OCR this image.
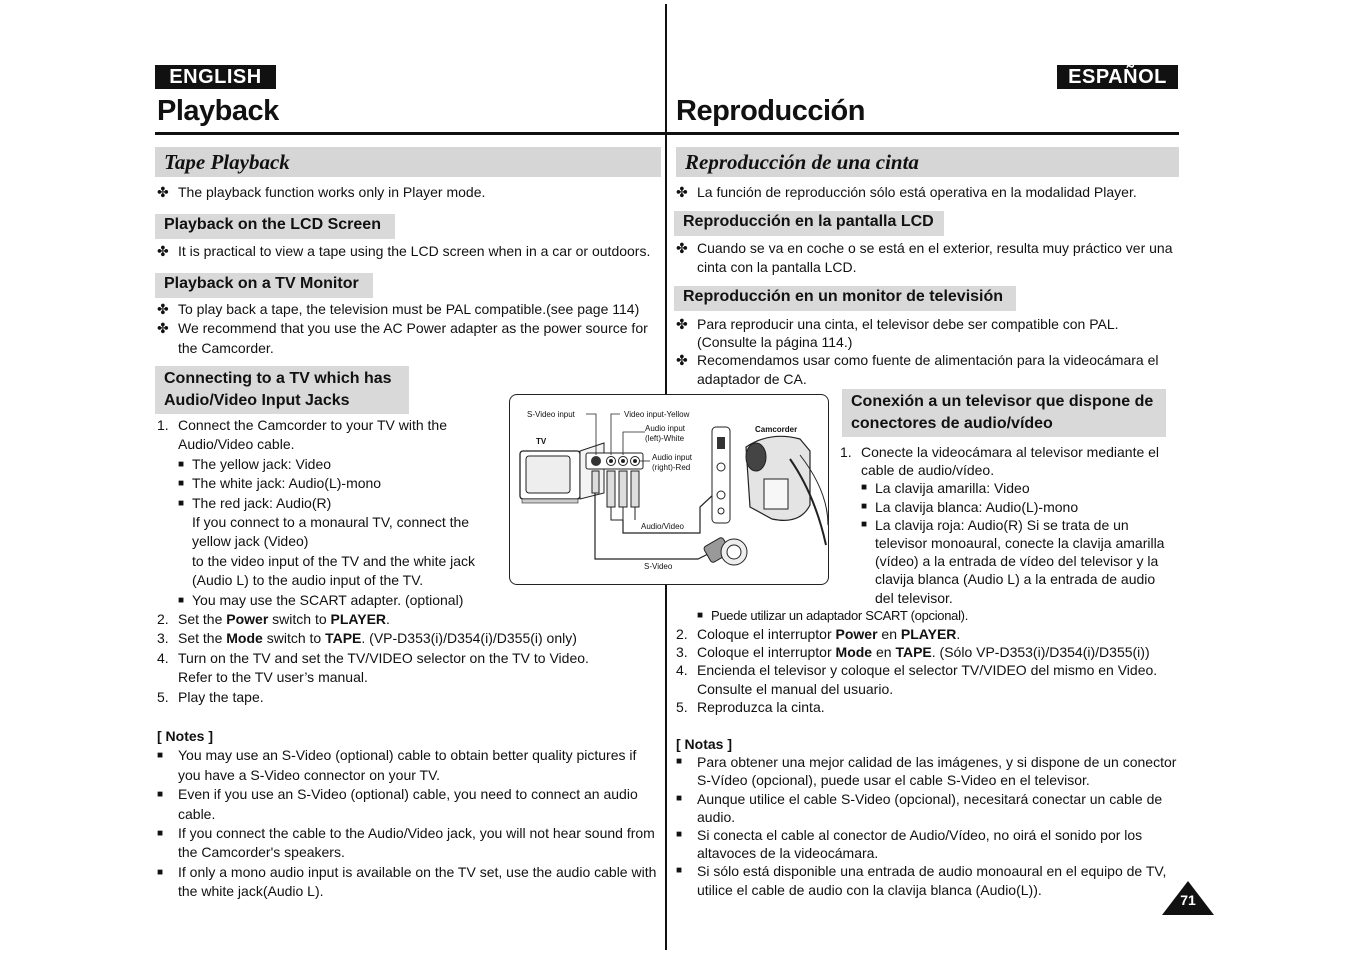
ENGLISH	ESPAÑOL
Playback	Reproducción
Tape Playback
✤ The playback function works only in Player mode.
Playback on the LCD Screen
✤ It is practical to view a tape using the LCD screen when in a car or outdoors.
Playback on a TV Monitor
✤ To play back a tape, the television must be PAL compatible.(see page 114)
✤ We recommend that you use the AC Power adapter as the power source for
the Camcorder.
Connecting to a TV which has
Audio/Video Input Jacks
1. Connect the Camcorder to your TV with the
Audio/Video cable.
■ The yellow jack: Video
■ The white jack: Audio(L)-mono
■ The red jack: Audio(R)
If you connect to a monaural TV, connect the
yellow jack (Video)
to the video input of the TV and the white jack
(Audio L) to the audio input of the TV.
■ You may use the SCART adapter. (optional)
2. Set the Power switch to PLAYER.
3. Set the Mode switch to TAPE. (VP-D353(i)/D354(i)/D355(i) only)
4. Turn on the TV and set the TV/VIDEO selector on the TV to Video.
Refer to the TV user’s manual.
5. Play the tape.
[ Notes ]
■ You may use an S-Video (optional) cable to obtain better quality pictures if
you have a S-Video connector on your TV.
■ Even if you use an S-Video (optional) cable, you need to connect an audio
cable.
■ If you connect the cable to the Audio/Video jack, you will not hear sound from
the Camcorder's speakers.
■ If only a mono audio input is available on the TV set, use the audio cable with
the white jack(Audio L).
Reproducción de una cinta
✤ La función de reproducción sólo está operativa en la modalidad Player.
Reproducción en la pantalla LCD
✤ Cuando se va en coche o se está en el exterior, resulta muy práctico ver una
cinta con la pantalla LCD.
Reproducción en un monitor de televisión
✤ Para reproducir una cinta, el televisor debe ser compatible con PAL.
(Consulte la página 114.)
✤ Recomendamos usar como fuente de alimentación para la videocámara el
adaptador de CA.
Conexión a un televisor que dispone de
conectores de audio/vídeo
1. Conecte la videocámara al televisor mediante el
cable de audio/vídeo.
■ La clavija amarilla: Video
■ La clavija blanca: Audio(L)-mono
■ La clavija roja: Audio(R) Si se trata de un
televisor monoaural, conecte la clavija amarilla
(vídeo) a la entrada de vídeo del televisor y la
clavija blanca (Audio L) a la entrada de audio
del televisor.
■ Puede utilizar un adaptador SCART (opcional).
2. Coloque el interruptor Power en PLAYER.
3. Coloque el interruptor Mode en TAPE. (Sólo VP-D353(i)/D354(i)/D355(i))
4. Encienda el televisor y coloque el selector TV/VIDEO del mismo en Video.
Consulte el manual del usuario.
5. Reproduzca la cinta.
[ Notas ]
■ Para obtener una mejor calidad de las imágenes, y si dispone de un conector
S-Vídeo (opcional), puede usar el cable S-Video en el televisor.
■ Aunque utilice el cable S-Video (opcional), necesitará conectar un cable de
audio.
■ Si conecta el cable al conector de Audio/Vídeo, no oirá el sonido por los
altavoces de la videocámara.
■ Si sólo está disponible una entrada de audio monoaural en el equipo de TV,
utilice el cable de audio con la clavija blanca (Audio(L)).
S-Video input	Video input-Yellow
Audio input
(left)-White
Audio input
(right)-Red
TV
Camcorder
Audio/Video
S-Video
71
